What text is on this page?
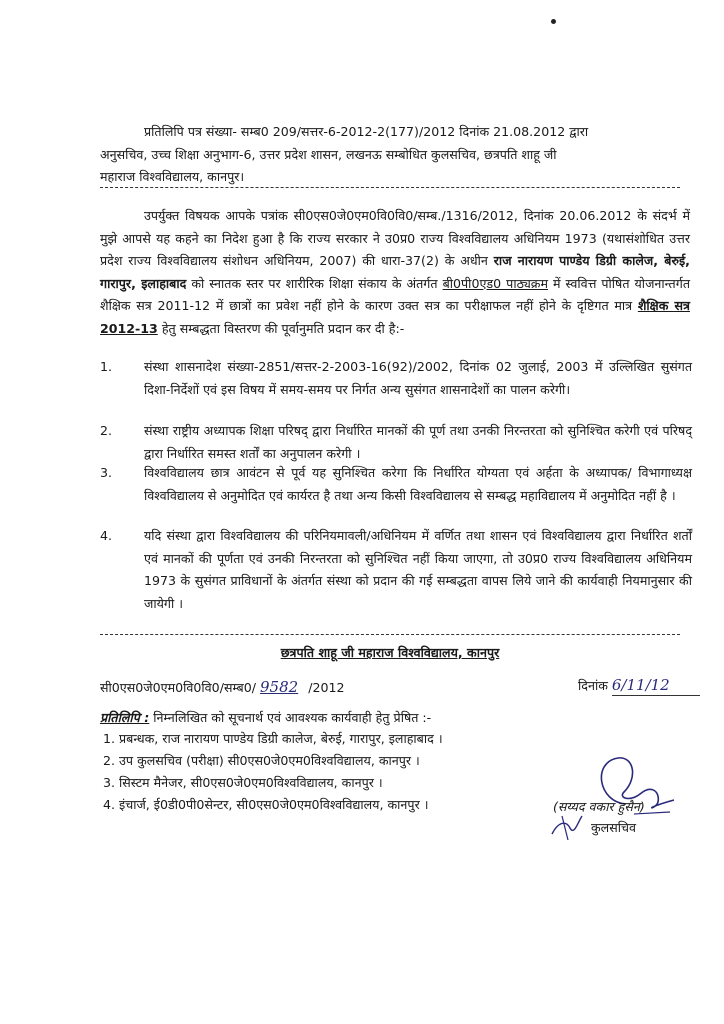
प्रतिलिपि पत्र संख्या- सम्ब0 209/सत्तर-6-2012-2(177)/2012 दिनांक 21.08.2012 द्वारा
अनुसचिव, उच्च शिक्षा अनुभाग-6, उत्तर प्रदेश शासन, लखनऊ सम्बोधित कुलसचिव, छत्रपति शाहू जी
महाराज विश्वविद्यालय, कानपुर।
उपर्युक्त विषयक आपके पत्रांक सी0एस0जे0एम0वि0वि0/सम्ब./1316/2012, दिनांक 20.06.2012 के संदर्भ में मुझे आपसे यह कहने का निदेश हुआ है कि राज्य सरकार ने उ0प्र0 राज्य विश्वविद्यालय अधिनियम 1973 (यथासंशोधित उत्तर प्रदेश राज्य विश्वविद्यालय संशोधन अधिनियम, 2007) की धारा-37(2) के अधीन राज नारायण पाण्डेय डिग्री कालेज, बेरुई, गारापुर, इलाहाबाद को स्नातक स्तर पर शारीरिक शिक्षा संकाय के अंतर्गत बी0पी0एड0 पाठ्यक्रम में स्ववित्त पोषित योजनान्तर्गत शैक्षिक सत्र 2011-12 में छात्रों का प्रवेश नहीं होने के कारण उक्त सत्र का परीक्षाफल नहीं होने के दृष्टिगत मात्र शैक्षिक सत्र 2012-13 हेतु सम्बद्धता विस्तरण की पूर्वानुमति प्रदान कर दी है:-
1.	संस्था शासनादेश संख्या-2851/सत्तर-2-2003-16(92)/2002, दिनांक 02 जुलाई, 2003 में उल्लिखित सुसंगत दिशा-निर्देशों एवं इस विषय में समय-समय पर निर्गत अन्य सुसंगत शासनादेशों का पालन करेगी।
2.	संस्था राष्ट्रीय अध्यापक शिक्षा परिषद् द्वारा निर्धारित मानकों की पूर्ण तथा उनकी निरन्तरता को सुनिश्चित करेगी एवं परिषद् द्वारा निर्धारित समस्त शर्तों का अनुपालन करेगी ।
3.	विश्वविद्यालय छात्र आवंटन से पूर्व यह सुनिश्चित करेगा कि निर्धारित योग्यता एवं अर्हता के अध्यापक/ विभागाध्यक्ष विश्वविद्यालय से अनुमोदित एवं कार्यरत है तथा अन्य किसी विश्वविद्यालय से सम्बद्ध महाविद्यालय में अनुमोदित नहीं है ।
4.	यदि संस्था द्वारा विश्वविद्यालय की परिनियमावली/अधिनियम में वर्णित तथा शासन एवं विश्वविद्यालय द्वारा निर्धारित शर्तों एवं मानकों की पूर्णता एवं उनकी निरन्तरता को सुनिश्चित नहीं किया जाएगा, तो उ0प्र0 राज्य विश्वविद्यालय अधिनियम 1973 के सुसंगत प्राविधानों के अंतर्गत संस्था को प्रदान की गई सम्बद्धता वापस लिये जाने की कार्यवाही नियमानुसार की जायेगी ।
छत्रपति शाहू जी महाराज विश्वविद्यालय, कानपुर
सी0एस0जे0एम0वि0वि0/सम्ब0/ 9582 /2012	दिनांक 6/11/12
प्रतिलिपि : निम्नलिखित को सूचनार्थ एवं आवश्यक कार्यवाही हेतु प्रेषित :-
1. प्रबन्धक, राज नारायण पाण्डेय डिग्री कालेज, बेरुई, गारापुर, इलाहाबाद ।
2. उप कुलसचिव (परीक्षा) सी0एस0जे0एम0विश्वविद्यालय, कानपुर ।
3. सिस्टम मैनेजर, सी0एस0जे0एम0विश्वविद्यालय, कानपुर ।
4. इंचार्ज, ई0डी0पी0सेन्टर, सी0एस0जे0एम0विश्वविद्यालय, कानपुर ।	(सय्यद वकार हुसैन)
कुलसचिव
